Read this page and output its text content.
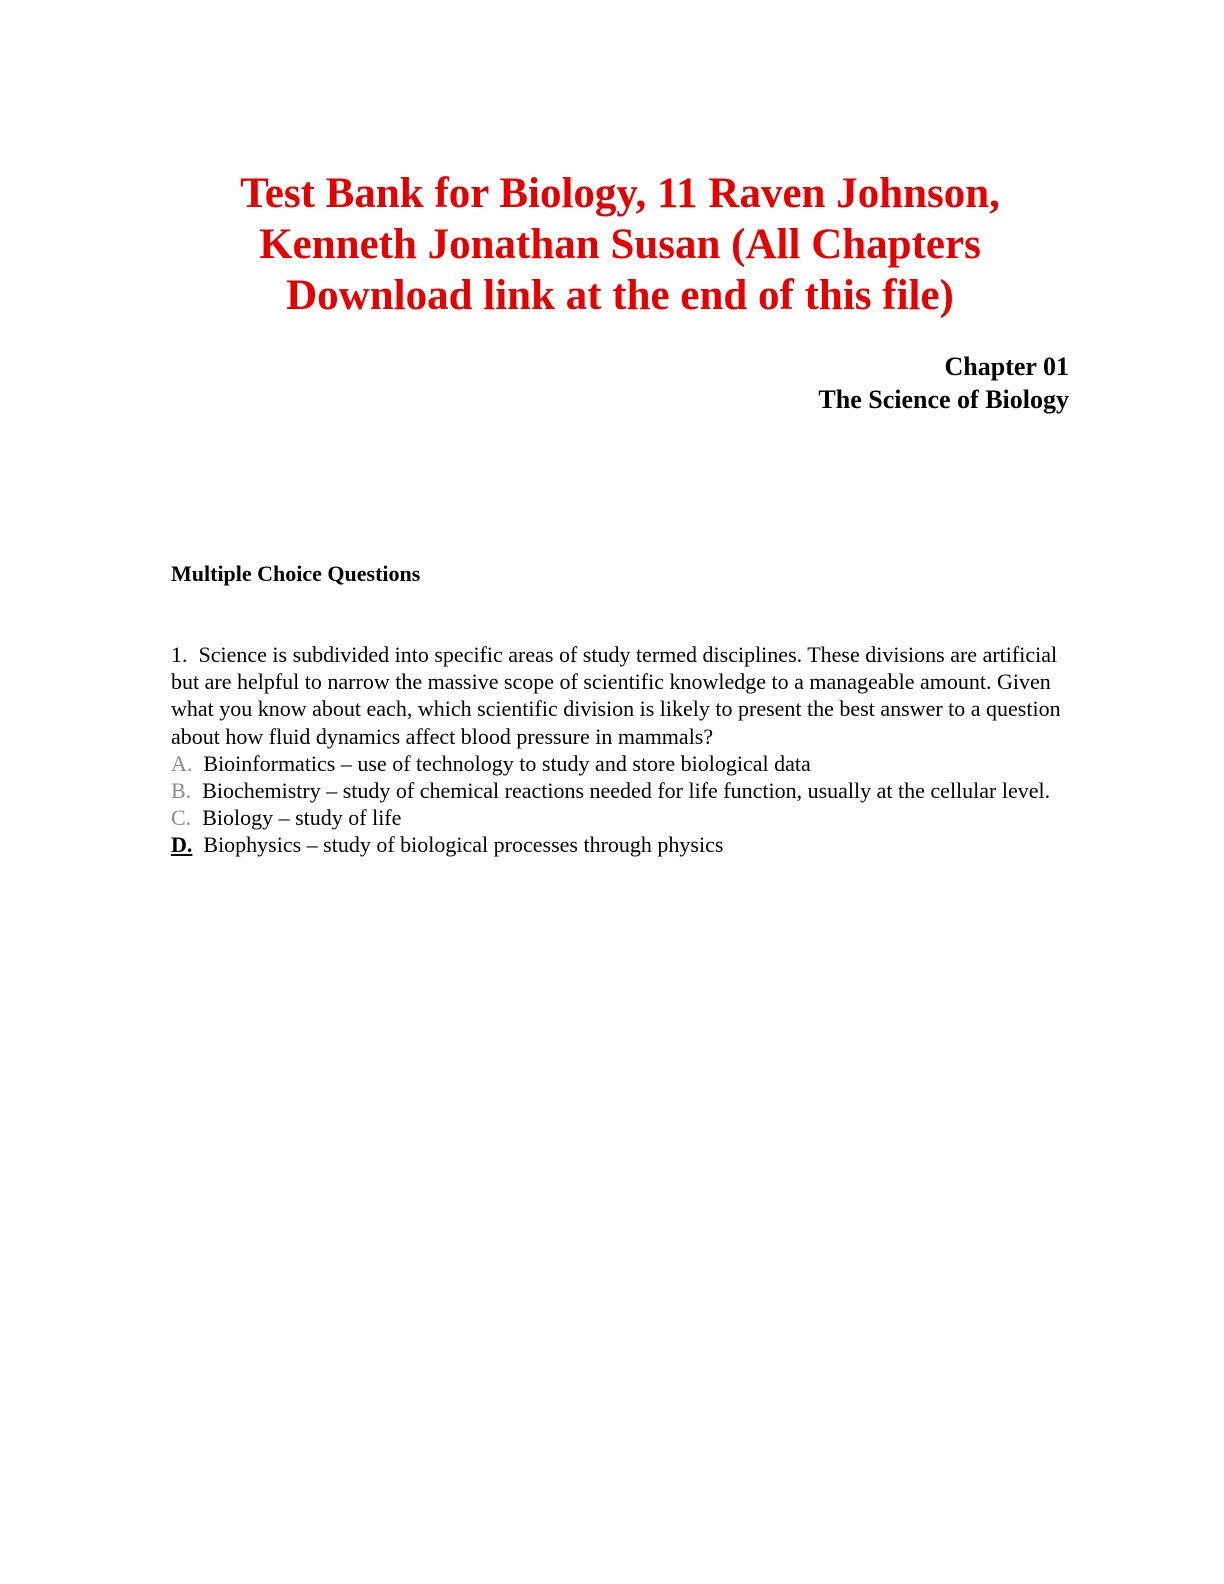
Test Bank for Biology, 11 Raven Johnson,
Kenneth Jonathan Susan (All Chapters
Download link at the end of this file)
Chapter 01
The Science of Biology
Multiple Choice Questions

1. Science is subdivided into specific areas of study termed disciplines. These divisions are artificial but are helpful to narrow the massive scope of scientific knowledge to a manageable amount. Given what you know about each, which scientific division is likely to present the best answer to a question about how fluid dynamics affect blood pressure in mammals?

A. Bioinformatics – use of technology to study and store biological data
B. Biochemistry – study of chemical reactions needed for life function, usually at the cellular level.
C. Biology – study of life
D. Biophysics – study of biological processes through physics
